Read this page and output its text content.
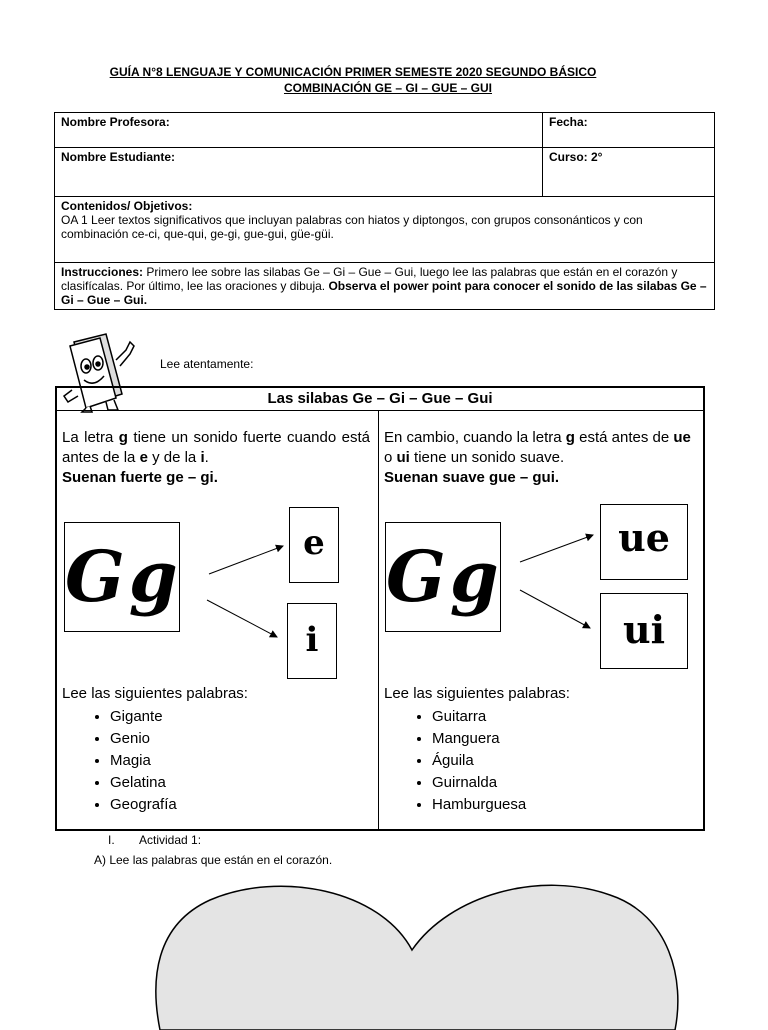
GUÍA N°8 LENGUAJE Y COMUNICACIÓN PRIMER SEMESTE 2020 SEGUNDO BÁSICO
COMBINACIÓN GE – GI – GUE – GUI
Nombre Profesora:	Fecha:
Nombre Estudiante:	Curso: 2°

Contenidos/ Objetivos:
OA 1 Leer textos significativos que incluyan palabras con hiatos y diptongos, con grupos consonánticos y con combinación ce-ci, que-qui, ge-gi, gue-gui, güe-güi.	

Instrucciones: Primero lee sobre las silabas Ge – Gi – Gue – Gui, luego lee las palabras que están en el corazón y clasifícalas. Por último, lee las oraciones y dibuja. Observa el power point para conocer el sonido de las silabas Ge – Gi – Gue – Gui.	
Lee atentamente:
Las silabas Ge – Gi – Gue – Gui
La letra g tiene un sonido fuerte cuando está antes de la e y de la i.
Suenan fuerte ge – gi.
En cambio, cuando la letra g está antes de ue o ui tiene un sonido suave.
Suenan suave gue – gui.
Gg	Gg
e
i
ue
ui
Lee las siguientes palabras:	Lee las siguientes palabras:
• Gigante
• Genio
• Magia
• Gelatina
• Geografía
• Guitarra
• Manguera
• Águila
• Guirnalda
• Hamburguesa
I. Actividad 1:
A) Lee las palabras que están en el corazón.
